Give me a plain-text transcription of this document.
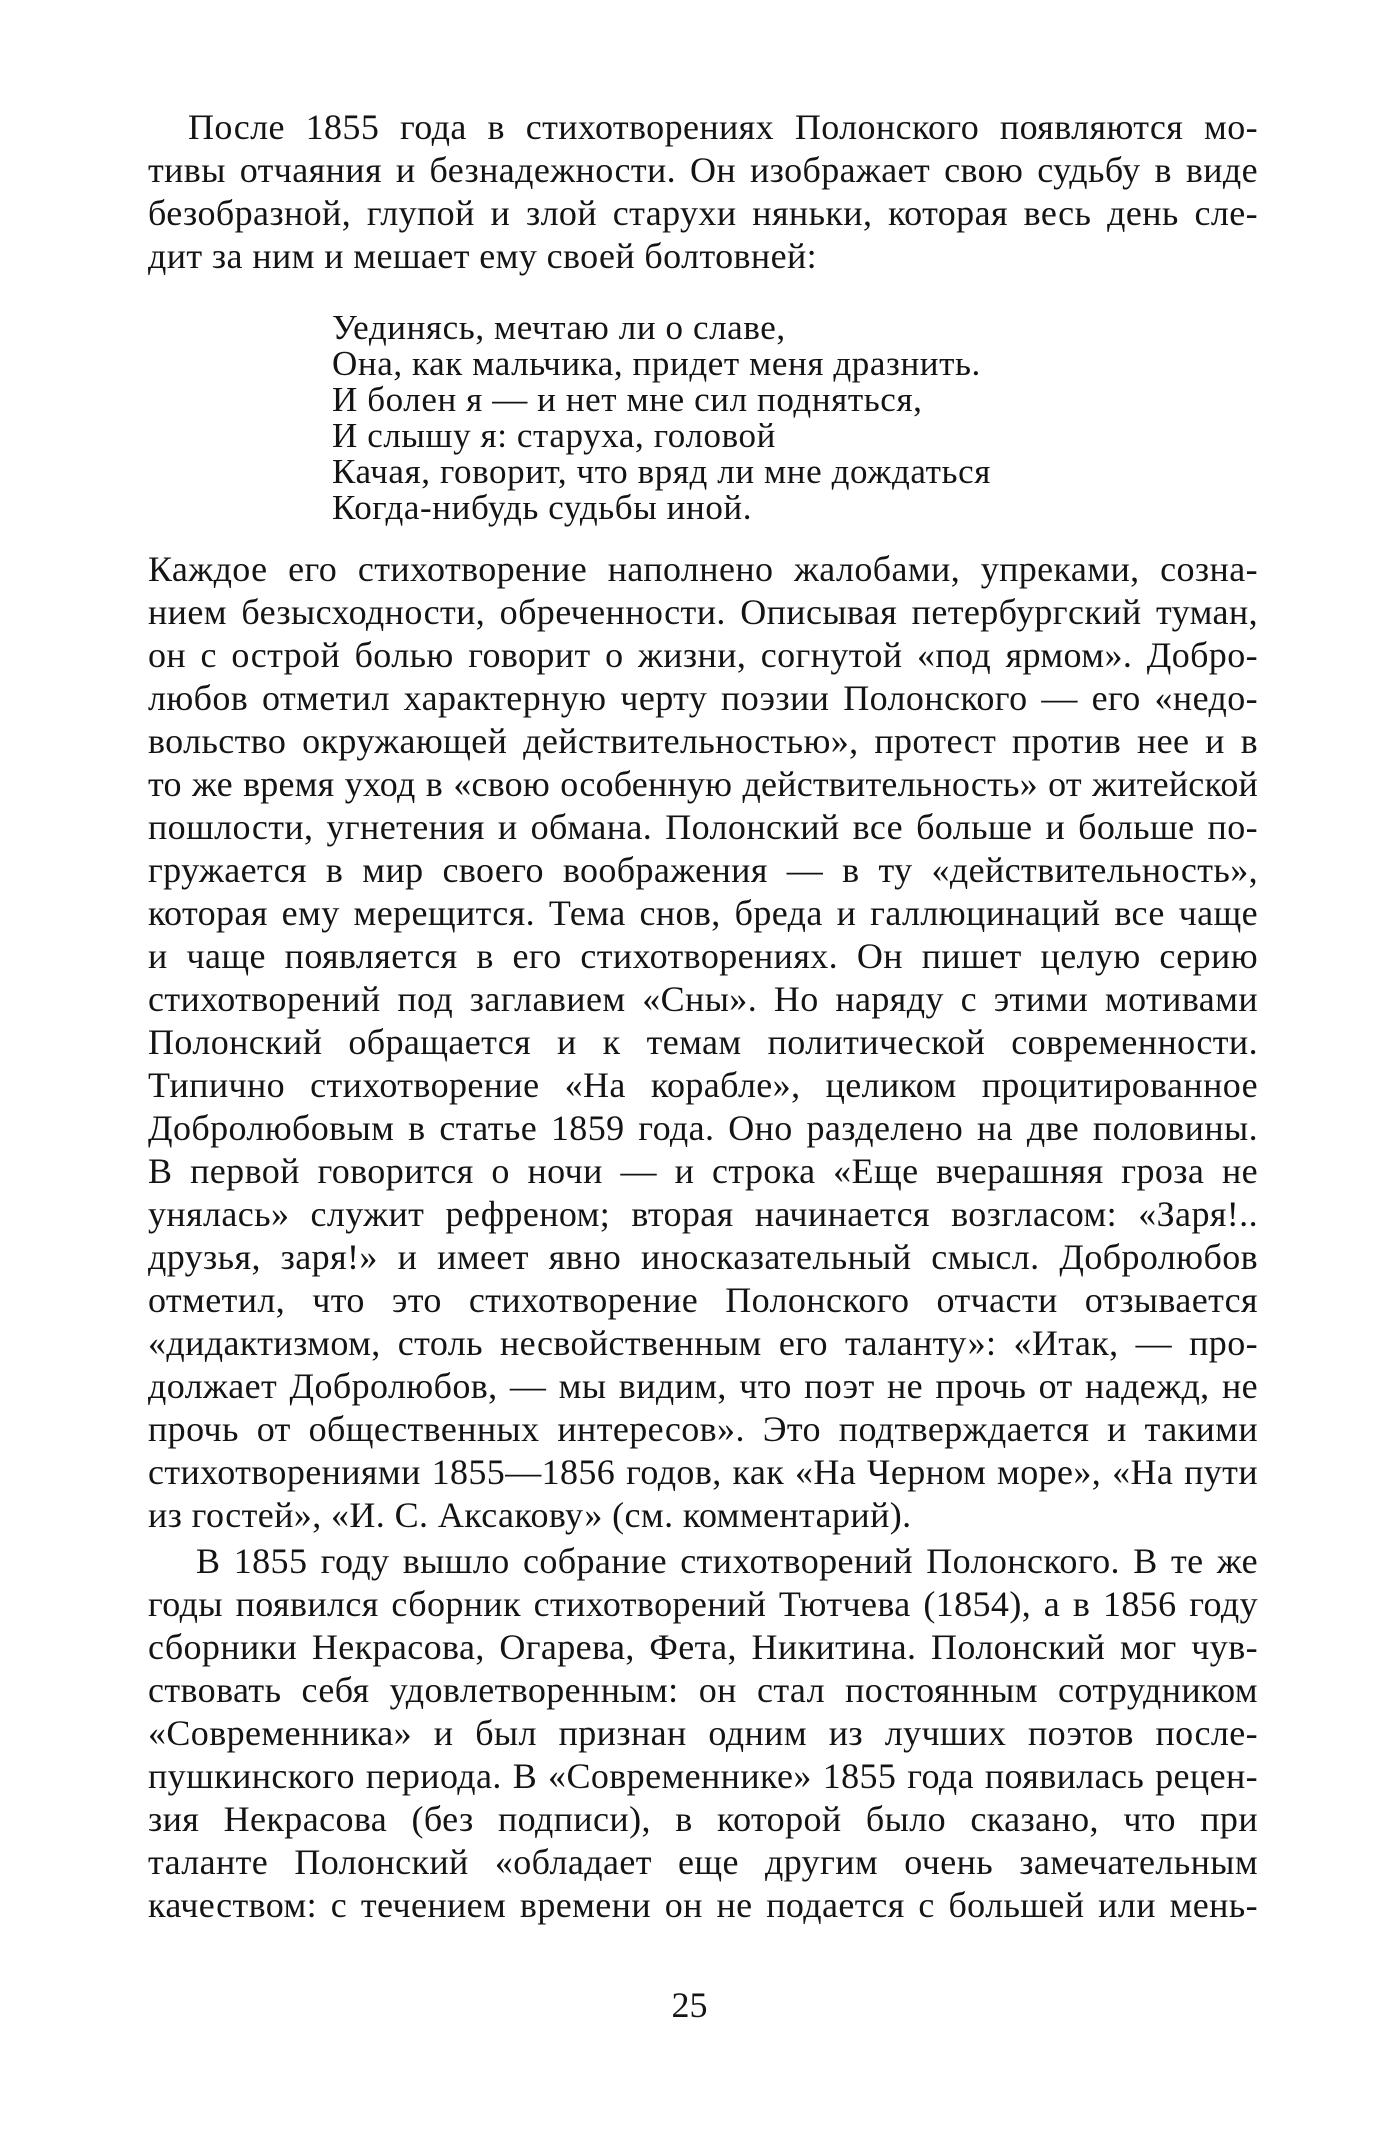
После 1855 года в стихотворениях Полонского появляются мо-
тивы отчаяния и безнадежности. Он изображает свою судьбу в виде
безобразной, глупой и злой старухи няньки, которая весь день сле-
дит за ним и мешает ему своей болтовней:
Уединясь, мечтаю ли о славе,
Она, как мальчика, придет меня дразнить.
И болен я — и нет мне сил подняться,
И слышу я: старуха, головой
Качая, говорит, что вряд ли мне дождаться
Когда-нибудь судьбы иной.
Каждое его стихотворение наполнено жалобами, упреками, созна-
нием безысходности, обреченности. Описывая петербургский туман,
он с острой болью говорит о жизни, согнутой «под ярмом». Добро-
любов отметил характерную черту поэзии Полонского — его «недо-
вольство окружающей действительностью», протест против нее и в
то же время уход в «свою особенную действительность» от житейской
пошлости, угнетения и обмана. Полонский все больше и больше по-
гружается в мир своего воображения — в ту «действительность»,
которая ему мерещится. Тема снов, бреда и галлюцинаций все чаще
и чаще появляется в его стихотворениях. Он пишет целую серию
стихотворений под заглавием «Сны». Но наряду с этими мотивами
Полонский обращается и к темам политической современности.
Типично стихотворение «На корабле», целиком процитированное
Добролюбовым в статье 1859 года. Оно разделено на две половины.
В первой говорится о ночи — и строка «Еще вчерашняя гроза не
унялась» служит рефреном; вторая начинается возгласом: «Заря!..
друзья, заря!» и имеет явно иносказательный смысл. Добролюбов
отметил, что это стихотворение Полонского отчасти отзывается
«дидактизмом, столь несвойственным его таланту»: «Итак, — про-
должает Добролюбов, — мы видим, что поэт не прочь от надежд, не
прочь от общественных интересов». Это подтверждается и такими
стихотворениями 1855—1856 годов, как «На Черном море», «На пути
из гостей», «И. С. Аксакову» (см. комментарий).
В 1855 году вышло собрание стихотворений Полонского. В те же
годы появился сборник стихотворений Тютчева (1854), а в 1856 году
сборники Некрасова, Огарева, Фета, Никитина. Полонский мог чув-
ствовать себя удовлетворенным: он стал постоянным сотрудником
«Современника» и был признан одним из лучших поэтов после-
пушкинского периода. В «Современнике» 1855 года появилась рецен-
зия Некрасова (без подписи), в которой было сказано, что при
таланте Полонский «обладает еще другим очень замечательным
качеством: с течением времени он не подается с большей или мень-
25
